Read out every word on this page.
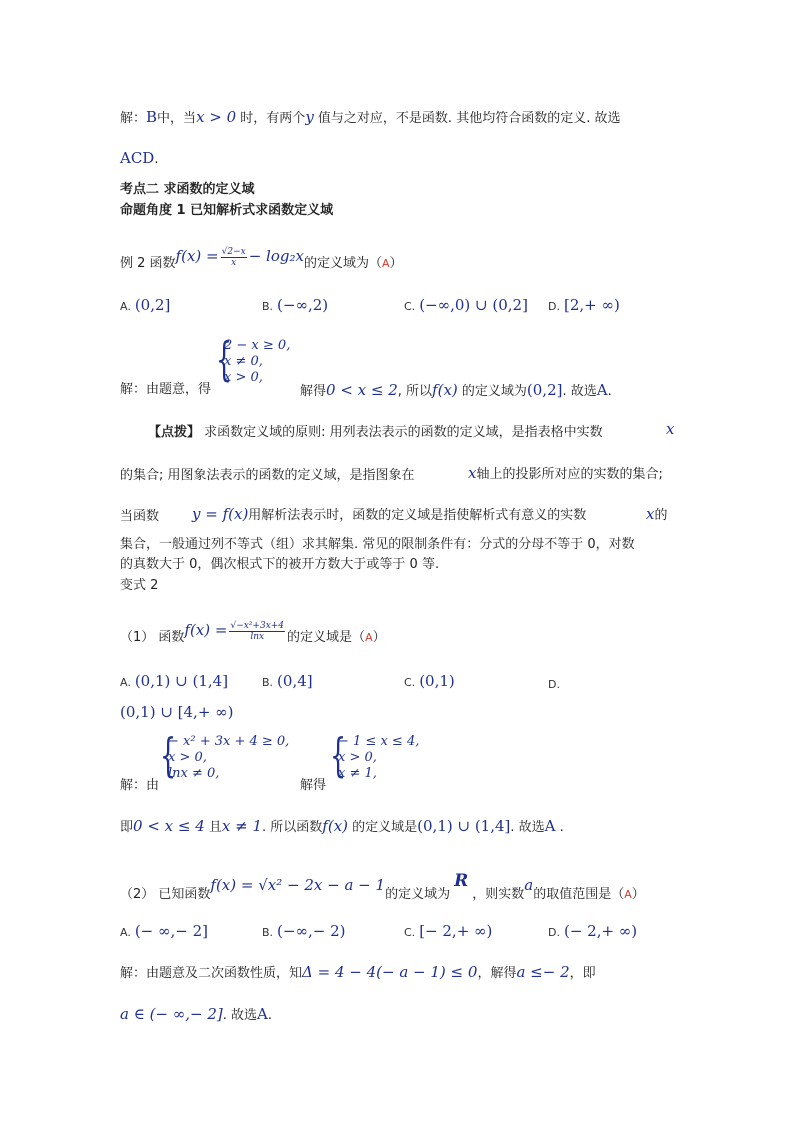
解：B中，当x > 0 时，有两个y 值与之对应，不是函数. 其他均符合函数的定义. 故选
ACD.
考点二 求函数的定义域
命题角度 1 已知解析式求函数定义域
例 2 函数$f(x) = \frac{√2-x}{x} - \log_2x$的定义域为$(_A)$
A. (0,2]	B. (−∞,2)	C. (−∞,0) ∪ (0,2] D. [2,+ ∞)
{
2 − x ≥ 0,
x ≠ 0,
x > 0,
解：由题意，得	解得0 < x ≤ 2, 所以f(x) 的定义域为(0,2]. 故选A.
【点拨】 求函数定义域的原则: 用列表法表示的函数的定义域，是指表格中实数	x
的集合; 用图象法表示的函数的定义域，是指图象在	x轴上的投影所对应的实数的集合;
当函数 y = f(x)用解析法表示时，函数的定义域是指使解析式有意义的实数	x的
集合，一般通过列不等式（组）求其解集. 常见的限制条件有：分式的分母不等于 0，对数
的真数大于 0，偶次根式下的被开方数大于或等于 0 等.
变式 2
（1） 函数$f(x) = \frac{\text{√−x²+3x+4}}{\ln x}$ 的定义域是$(_A)$
A. (0,1) ∪ (1,4]	B. (0,4]	C. (0,1)	D.
(0,1) ∪ [4,+ ∞)
{
− x² + 3x + 4 ≥ 0,
x > 0,
lnx ≠ 0,	{
− 1 ≤ x ≤ 4,
x > 0,
x ≠ 1,
解：由	解得
即0 < x ≤ 4 且x ≠ 1. 所以函数f(x) 的定义域是(0,1) ∪ (1,4]. 故选A .
（2） 已知函数f(x) = √x² − 2x − a − 1的定义域为R，则实数a的取值范围是$(_A)$
A. (− ∞,− 2]	B. (−∞,− 2)	C. [− 2,+ ∞)	D. (− 2,+ ∞)
解：由题意及二次函数性质，知Δ = 4 − 4(− a − 1) ≤ 0，解得a ≤− 2，即
a ∈ (− ∞,− 2]. 故选A.
